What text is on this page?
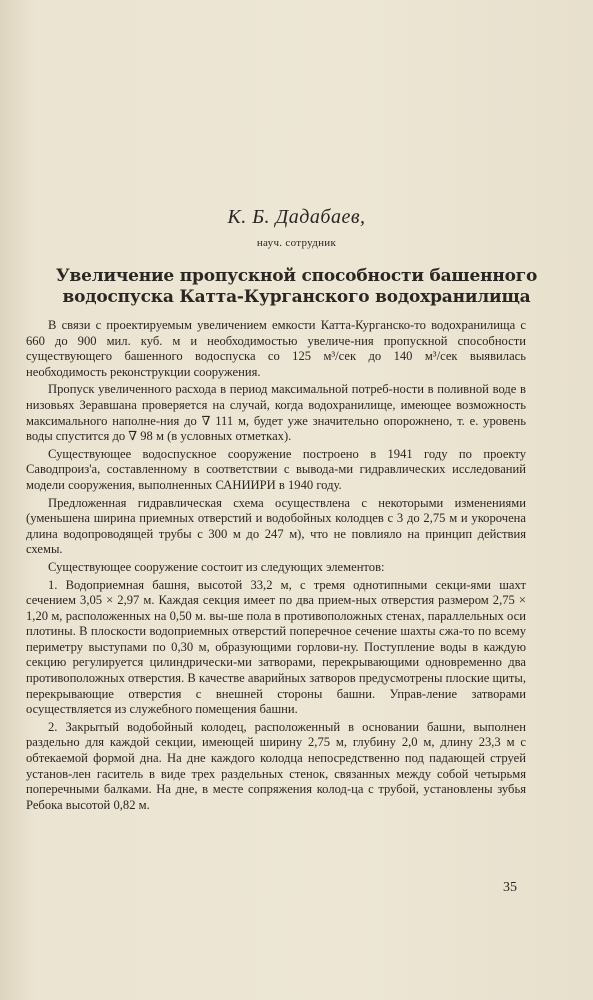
К. Б. Дадабаев,
науч. сотрудник
Увеличение пропускной способности башенного
водоспуска Катта-Курганского водохранилища

В связи с проектируемым увеличением емкости Катта-Курганско-то водохранилища с 660 до 900 мил. куб. м и необходимостью увеличе-ния пропускной способности существующего башенного водоспуска со 125 м³/сек до 140 м³/сек выявилась необходимость реконструкции сооружения.

Пропуск увеличенного расхода в период максимальной потреб-ности в поливной воде в низовьях Зеравшана проверяется на случай, когда водохранилище, имеющее возможность максимального наполне-ния до ∇ 111 м, будет уже значительно опорожнено, т. е. уровень воды спустится до ∇ 98 м (в условных отметках).

Существующее водоспускное сооружение построено в 1941 году по проекту Саводпроиз'а, составленному в соответствии с вывода-ми гидравлических исследований модели сооружения, выполненных САНИИРИ в 1940 году.

Предложенная гидравлическая схема осуществлена с некоторыми изменениями (уменьшена ширина приемных отверстий и водобойных колодцев с 3 до 2,75 м и укорочена длина водопроводящей трубы с 300 м до 247 м), что не повлияло на принцип действия схемы.

Существующее сооружение состоит из следующих элементов:

1. Водоприемная башня, высотой 33,2 м, с тремя однотипными секци-ями шахт сечением 3,05 × 2,97 м. Каждая секция имеет по два прием-ных отверстия размером 2,75 × 1,20 м, расположенных на 0,50 м. вы-ше пола в противоположных стенах, параллельных оси плотины. В плоскости водоприемных отверстий поперечное сечение шахты сжа-то по всему периметру выступами по 0,30 м, образующими горлови-ну. Поступление воды в каждую секцию регулируется цилиндрически-ми затворами, перекрывающими одновременно два противоположных отверстия. В качестве аварийных затворов предусмотрены плоские щиты, перекрывающие отверстия с внешней стороны башни. Управ-ление затворами осуществляется из служебного помещения башни.

2. Закрытый водобойный колодец, расположенный в основании башни, выполнен раздельно для каждой секции, имеющей ширину 2,75 м, глубину 2,0 м, длину 23,3 м с обтекаемой формой дна. На дне каждого колодца непосредственно под падающей струей установ-лен гаситель в виде трех раздельных стенок, связанных между собой четырьмя поперечными балками. На дне, в месте сопряжения колод-ца с трубой, установлены зубья Ребока высотой 0,82 м.

35
